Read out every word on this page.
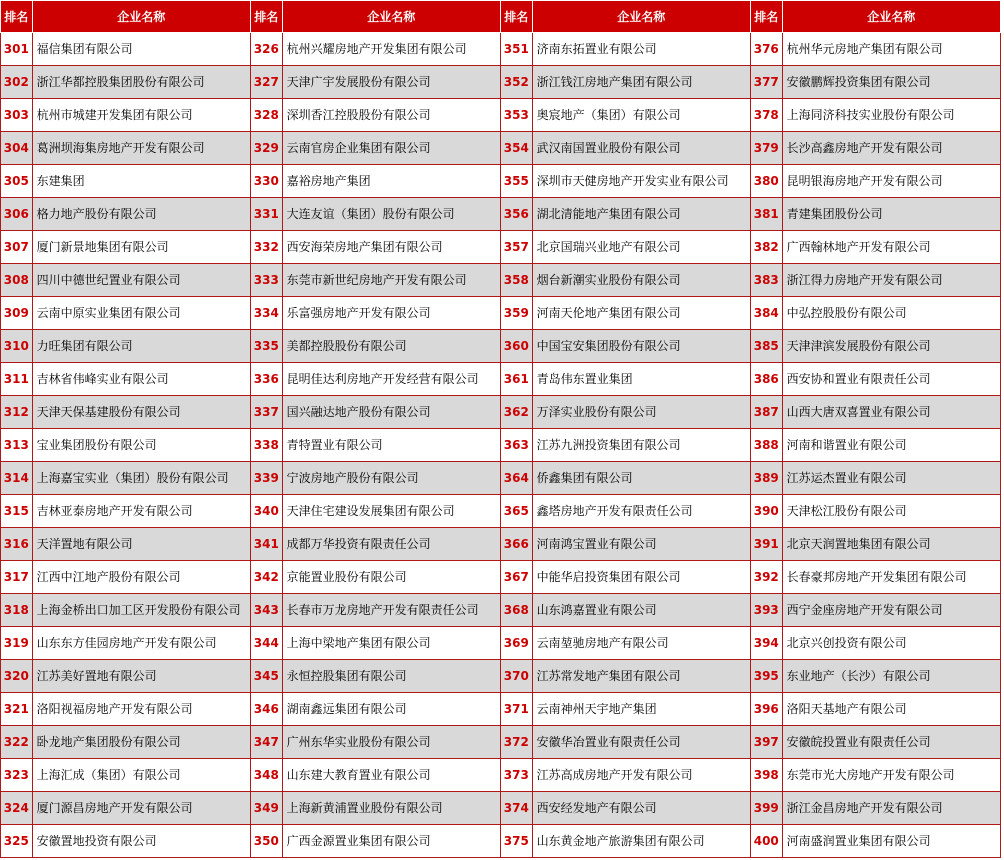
排名	企业名称	排名	企业名称	排名	企业名称	排名	企业名称
301	福信集团有限公司	326	杭州兴耀房地产开发集团有限公司	351	济南东拓置业有限公司	376	杭州华元房地产集团有限公司
302	浙江华都控股集团股份有限公司	327	天津广宇发展股份有限公司	352	浙江钱江房地产集团有限公司	377	安徽鹏辉投资集团有限公司
303	杭州市城建开发集团有限公司	328	深圳香江控股股份有限公司	353	奥宸地产（集团）有限公司	378	上海同济科技实业股份有限公司
304	葛洲坝海集房地产开发有限公司	329	云南官房企业集团有限公司	354	武汉南国置业股份有限公司	379	长沙高鑫房地产开发有限公司
305	东建集团	330	嘉裕房地产集团	355	深圳市天健房地产开发实业有限公司	380	昆明银海房地产开发有限公司
306	格力地产股份有限公司	331	大连友谊（集团）股份有限公司	356	湖北清能地产集团有限公司	381	青建集团股份公司
307	厦门新景地集团有限公司	332	西安海荣房地产集团有限公司	357	北京国瑞兴业地产有限公司	382	广西翰林地产开发有限公司
308	四川中德世纪置业有限公司	333	东莞市新世纪房地产开发有限公司	358	烟台新潮实业股份有限公司	383	浙江得力房地产开发有限公司
309	云南中原实业集团有限公司	334	乐富强房地产开发有限公司	359	河南天伦地产集团有限公司	384	中弘控股股份有限公司
310	力旺集团有限公司	335	美都控股股份有限公司	360	中国宝安集团股份有限公司	385	天津津滨发展股份有限公司
311	吉林省伟峰实业有限公司	336	昆明佳达利房地产开发经营有限公司	361	青岛伟东置业集团	386	西安协和置业有限责任公司
312	天津天保基建股份有限公司	337	国兴融达地产股份有限公司	362	万泽实业股份有限公司	387	山西大唐双喜置业有限公司
313	宝业集团股份有限公司	338	青特置业有限公司	363	江苏九洲投资集团有限公司	388	河南和谐置业有限公司
314	上海嘉宝实业（集团）股份有限公司	339	宁波房地产股份有限公司	364	侨鑫集团有限公司	389	江苏运杰置业有限公司
315	吉林亚泰房地产开发有限公司	340	天津住宅建设发展集团有限公司	365	鑫塔房地产开发有限责任公司	390	天津松江股份有限公司
316	天洋置地有限公司	341	成都万华投资有限责任公司	366	河南鸿宝置业有限公司	391	北京天润置地集团有限公司
317	江西中江地产股份有限公司	342	京能置业股份有限公司	367	中能华启投资集团有限公司	392	长春豪邦房地产开发集团有限公司
318	上海金桥出口加工区开发股份有限公司	343	长春市万龙房地产开发有限责任公司	368	山东鸿嘉置业有限公司	393	西宁金座房地产开发有限公司
319	山东东方佳园房地产开发有限公司	344	上海中梁地产集团有限公司	369	云南堃驰房地产有限公司	394	北京兴创投资有限公司
320	江苏美好置地有限公司	345	永恒控股集团有限公司	370	江苏常发地产集团有限公司	395	东业地产（长沙）有限公司
321	洛阳视福房地产开发有限公司	346	湖南鑫远集团有限公司	371	云南神州天宇地产集团	396	洛阳天基地产有限公司
322	卧龙地产集团股份有限公司	347	广州东华实业股份有限公司	372	安徽华冶置业有限责任公司	397	安徽皖投置业有限责任公司
323	上海汇成（集团）有限公司	348	山东建大教育置业有限公司	373	江苏高成房地产开发有限公司	398	东莞市光大房地产开发有限公司
324	厦门源昌房地产开发有限公司	349	上海新黄浦置业股份有限公司	374	西安经发地产有限公司	399	浙江金昌房地产开发有限公司
325	安徽置地投资有限公司	350	广西金源置业集团有限公司	375	山东黄金地产旅游集团有限公司	400	河南盛润置业集团有限公司
